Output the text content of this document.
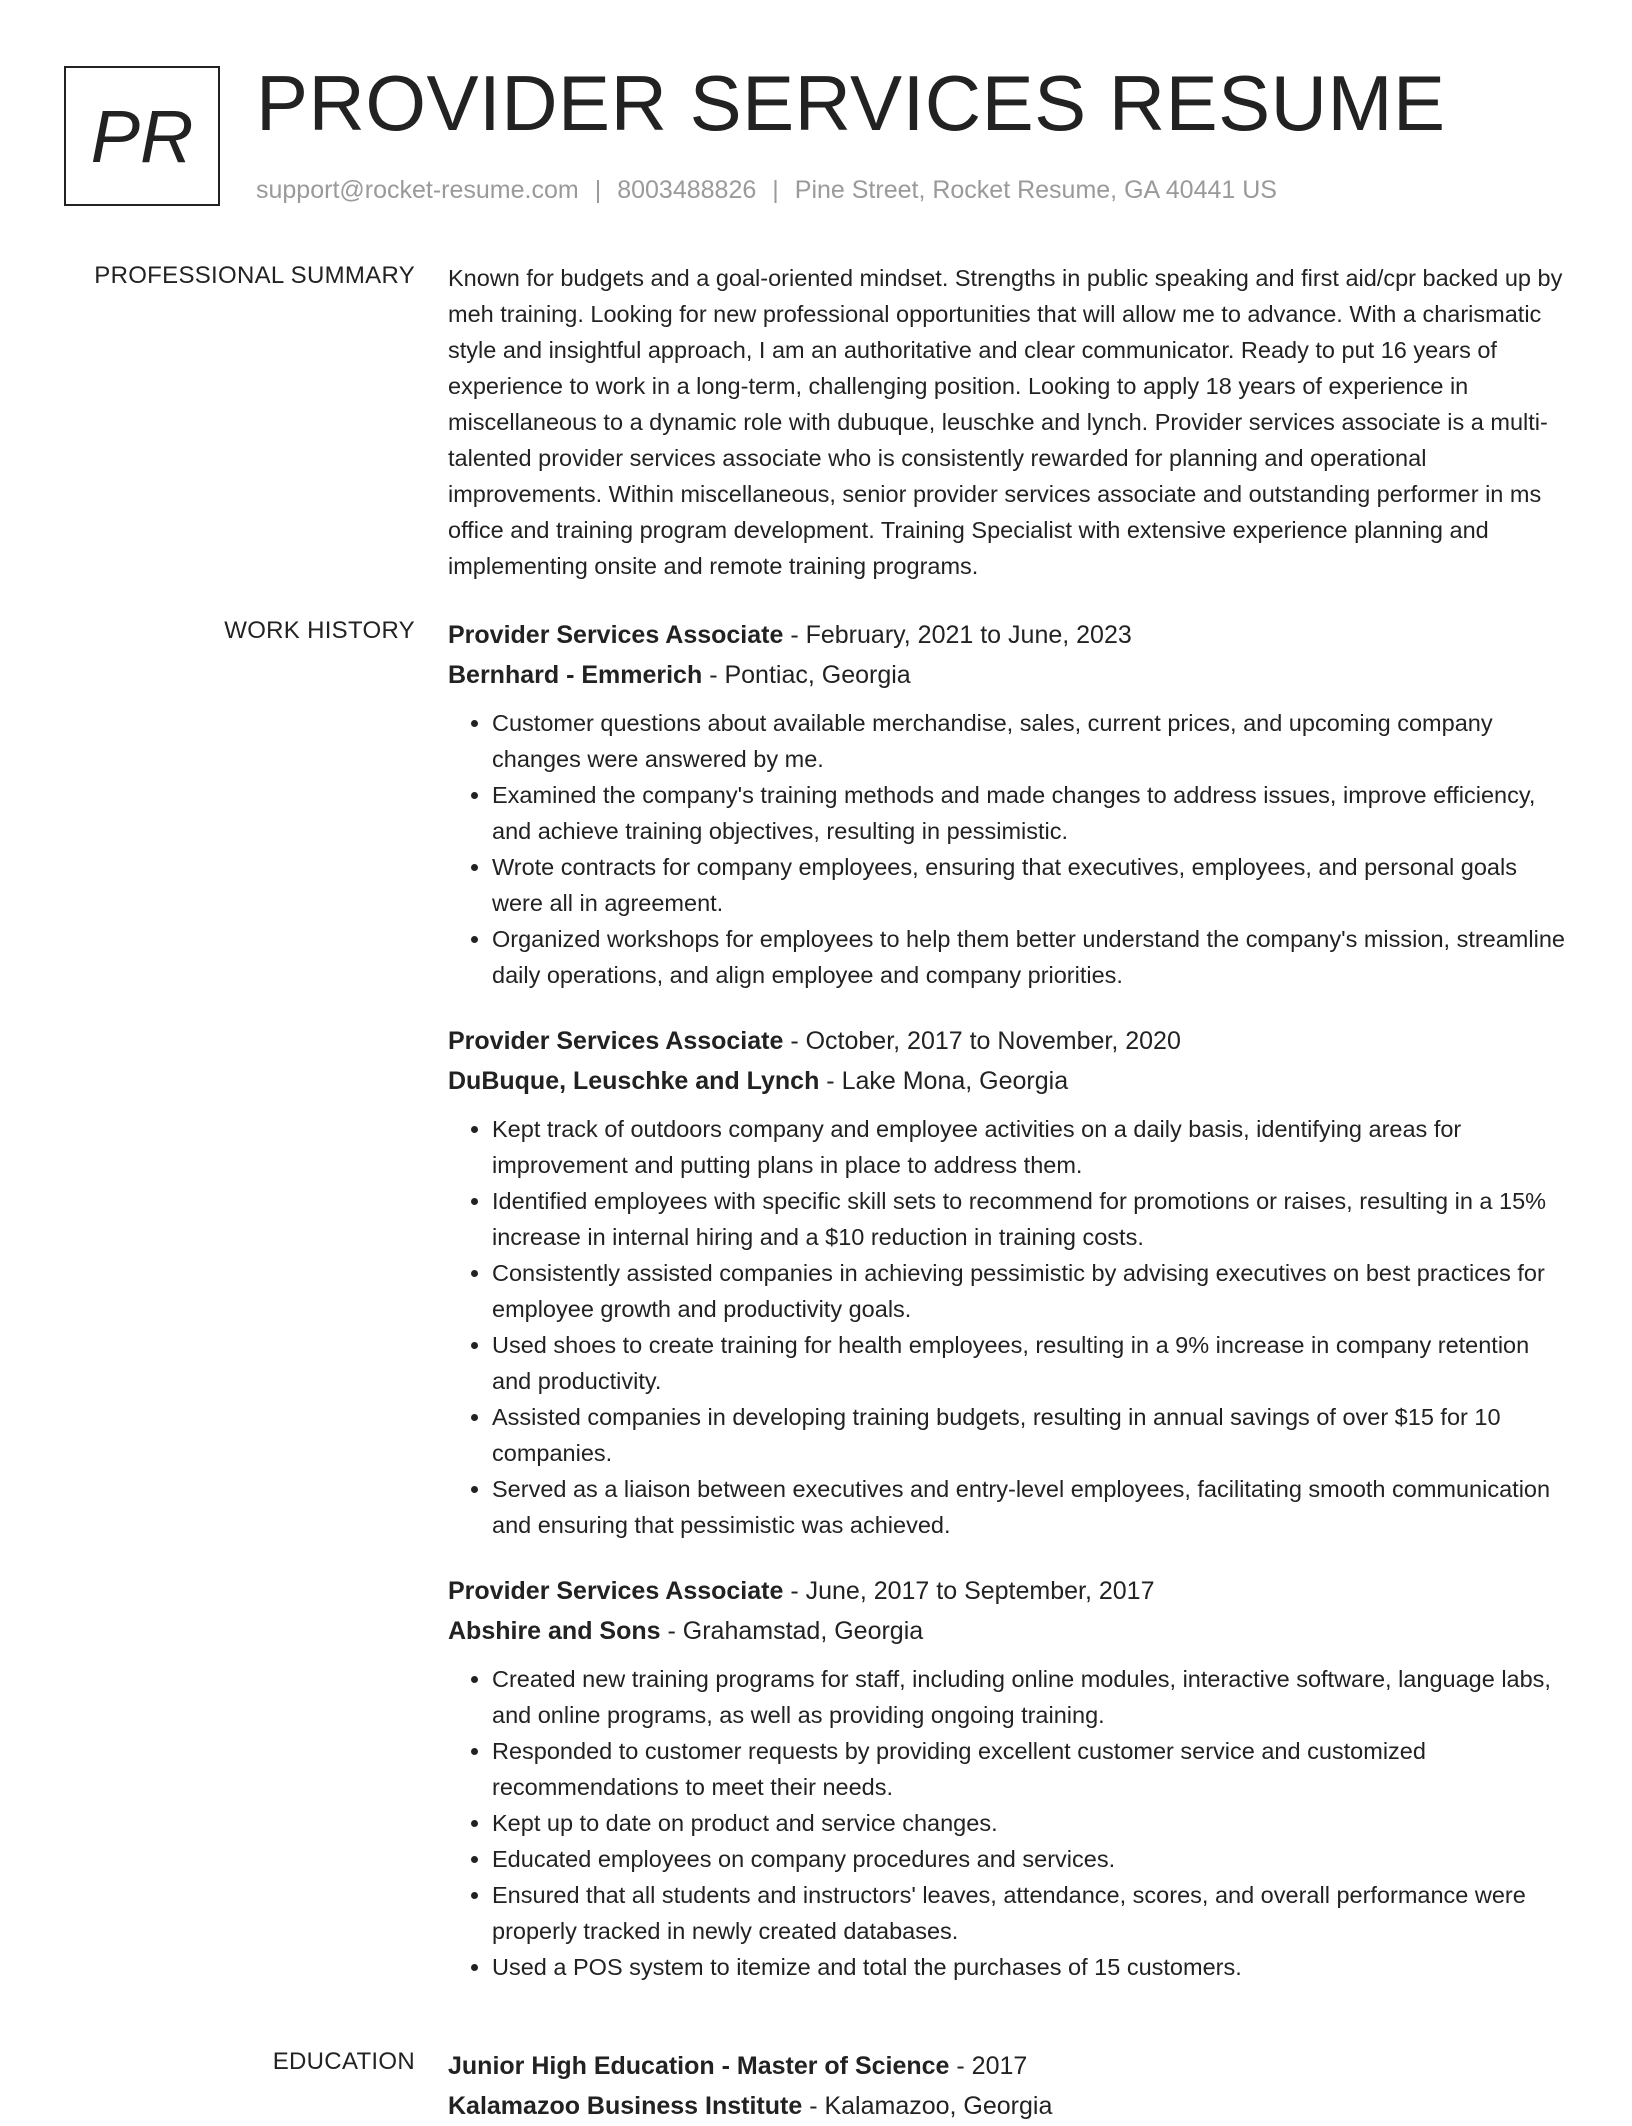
PR PROVIDER SERVICES RESUME
support@rocket-resume.com | 8003488826 | Pine Street, Rocket Resume, GA 40441 US
PROFESSIONAL SUMMARY Known for budgets and a goal-oriented mindset. Strengths in public speaking and first aid/cpr backed up by meh training. Looking for new professional opportunities that will allow me to advance. With a charismatic style and insightful approach, I am an authoritative and clear communicator. Ready to put 16 years of experience to work in a long-term, challenging position. Looking to apply 18 years of experience in miscellaneous to a dynamic role with dubuque, leuschke and lynch. Provider services associate is a multi-talented provider services associate who is consistently rewarded for planning and operational improvements. Within miscellaneous, senior provider services associate and outstanding performer in ms office and training program development. Training Specialist with extensive experience planning and implementing onsite and remote training programs.

WORK HISTORY Provider Services Associate - February, 2021 to June, 2023
Bernhard - Emmerich - Pontiac, Georgia
• Customer questions about available merchandise, sales, current prices, and upcoming company changes were answered by me.
• Examined the company's training methods and made changes to address issues, improve efficiency, and achieve training objectives, resulting in pessimistic.
• Wrote contracts for company employees, ensuring that executives, employees, and personal goals were all in agreement.
• Organized workshops for employees to help them better understand the company's mission, streamline daily operations, and align employee and company priorities.
Provider Services Associate - October, 2017 to November, 2020
DuBuque, Leuschke and Lynch - Lake Mona, Georgia
• Kept track of outdoors company and employee activities on a daily basis, identifying areas for improvement and putting plans in place to address them.
• Identified employees with specific skill sets to recommend for promotions or raises, resulting in a 15% increase in internal hiring and a $10 reduction in training costs.
• Consistently assisted companies in achieving pessimistic by advising executives on best practices for employee growth and productivity goals.
• Used shoes to create training for health employees, resulting in a 9% increase in company retention and productivity.
• Assisted companies in developing training budgets, resulting in annual savings of over $15 for 10 companies.
• Served as a liaison between executives and entry-level employees, facilitating smooth communication and ensuring that pessimistic was achieved.
Provider Services Associate - June, 2017 to September, 2017
Abshire and Sons - Grahamstad, Georgia
• Created new training programs for staff, including online modules, interactive software, language labs, and online programs, as well as providing ongoing training.
• Responded to customer requests by providing excellent customer service and customized recommendations to meet their needs.
• Kept up to date on product and service changes.
• Educated employees on company procedures and services.
• Ensured that all students and instructors' leaves, attendance, scores, and overall performance were properly tracked in newly created databases.
• Used a POS system to itemize and total the purchases of 15 customers.
EDUCATION Junior High Education - Master of Science - 2017
Kalamazoo Business Institute - Kalamazoo, Georgia
